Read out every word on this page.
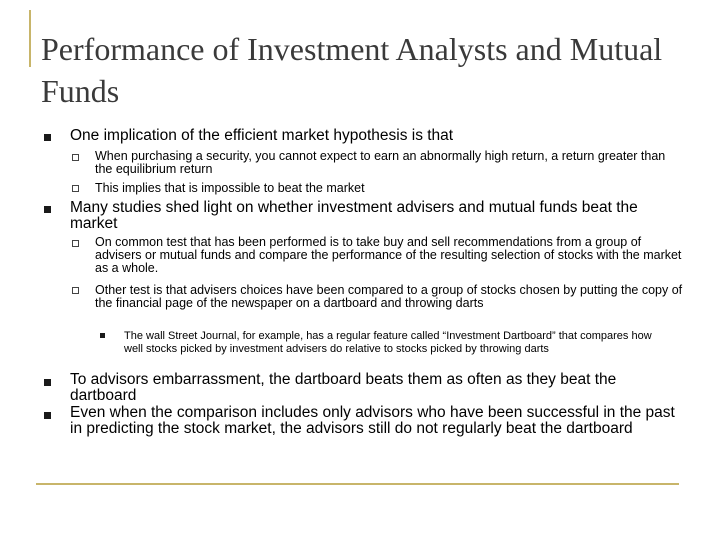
Performance of Investment Analysts and Mutual Funds
One implication of the efficient market hypothesis is that
When purchasing a security, you cannot expect to earn an abnormally high return, a return greater than the equilibrium return
This implies that is impossible to beat the market
Many studies shed light on whether investment advisers and mutual funds beat the market
On common test that has been performed is to take buy and sell recommendations from a group of advisers or mutual funds and compare the performance of the resulting selection of stocks with the market as a whole.
Other test is that advisers choices have been compared to a group of stocks chosen by putting the copy of the financial page of the newspaper on a dartboard and throwing darts
The wall Street Journal, for example, has a regular feature called “Investment Dartboard” that compares how well stocks picked by investment advisers do relative to stocks picked by throwing darts
To advisors embarrassment, the dartboard beats them as often as they beat the dartboard
Even when the comparison includes only advisors who have been successful in the past in predicting the stock market, the advisors still do not regularly beat the dartboard
